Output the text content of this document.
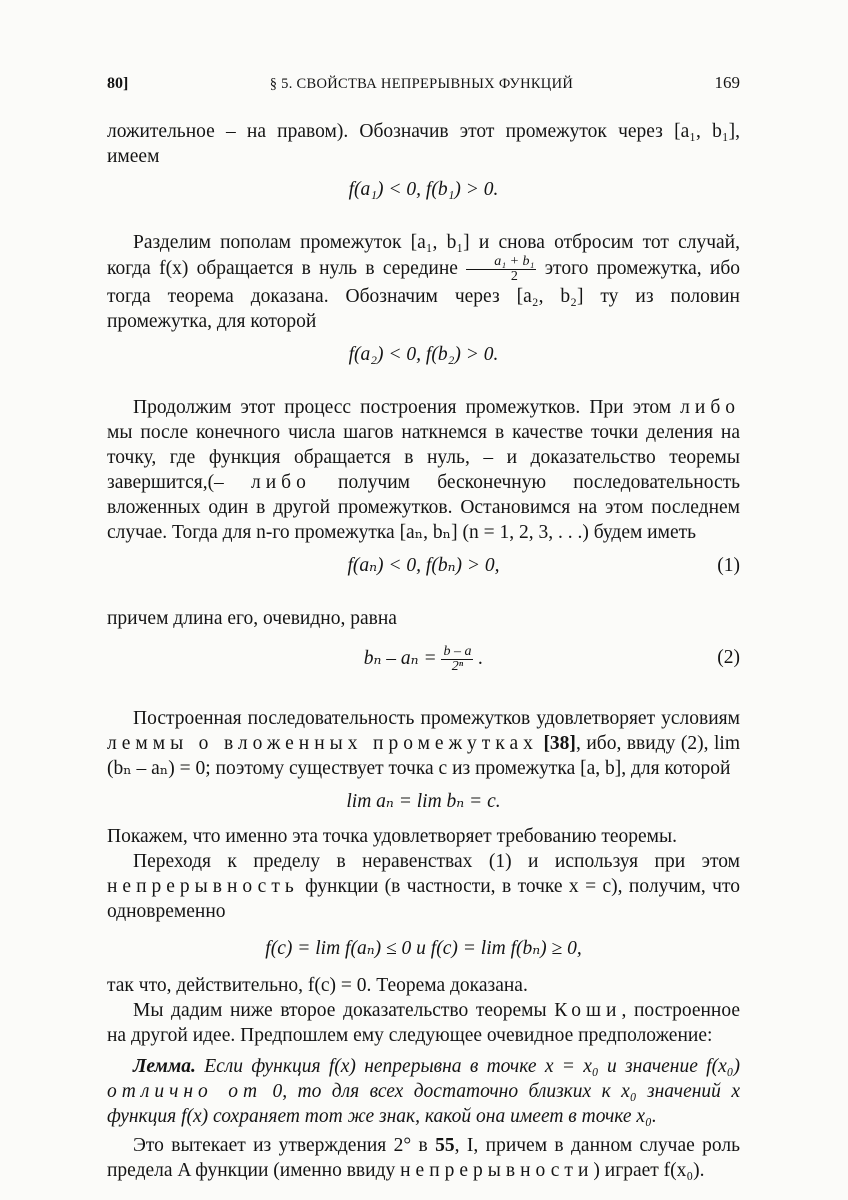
80]	§ 5. СВОЙСТВА НЕПРЕРЫВНЫХ ФУНКЦИЙ	169

ложительное – на правом). Обозначив этот промежуток через [a₁, b₁], имеем

f(a₁) < 0, f(b₁) > 0.

Разделим пополам промежуток [a₁, b₁] и снова отбросим тот случай, когда f(x) обращается в нуль в середине $\frac{\text{a₁ + b₁}}{2}$ этого промежутка, ибо тогда теорема доказана. Обозначим через [a₂, b₂] ту из половин промежутка, для которой

f(a₂) < 0, f(b₂) > 0.

Продолжим этот процесс построения промежутков. При этом либо мы после конечного числа шагов наткнемся в качестве точки деления на точку, где функция обращается в нуль, – и доказательство теоремы завершится,(– либо получим бесконечную последовательность вложенных один в другой промежутков. Остановимся на этом последнем случае. Тогда для n-го промежутка [aₙ, bₙ] (n = 1, 2, 3, . . .) будем иметь

f(aₙ) < 0, f(bₙ) > 0,	(1)

причем длина его, очевидно, равна

$b_n - a_n = \frac{b - a}{\text{2ⁿ}}$ .	(2)

Построенная последовательность промежутков удовлетворяет условиям леммы о вложенных промежутках [38], ибо, ввиду (2), lim (bₙ – aₙ) = 0; поэтому существует точка c из промежутка [a, b], для которой

lim aₙ = lim bₙ = c.

Покажем, что именно эта точка удовлетворяет требованию теоремы.

Переходя к пределу в неравенствах (1) и используя при этом непрерывность функции (в частности, в точке x = c), получим, что одновременно

f(c) = lim f(aₙ) ≤ 0 и f(c) = lim f(bₙ) ≥ 0,

так что, действительно, f(c) = 0. Теорема доказана.

Мы дадим ниже второе доказательство теоремы Коши, построенное на другой идее. Предпошлем ему следующее очевидное предположение:

Лемма. Если функция f(x) непрерывна в точке x = x₀ и значение f(x₀) отлично от 0, то для всех достаточно близких к x₀ значений x функция f(x) сохраняет тот же знак, какой она имеет в точке x₀.

Это вытекает из утверждения 2° в 55, I, причем в данном случае роль предела A функции (именно ввиду непрерывности) играет f(x₀).
